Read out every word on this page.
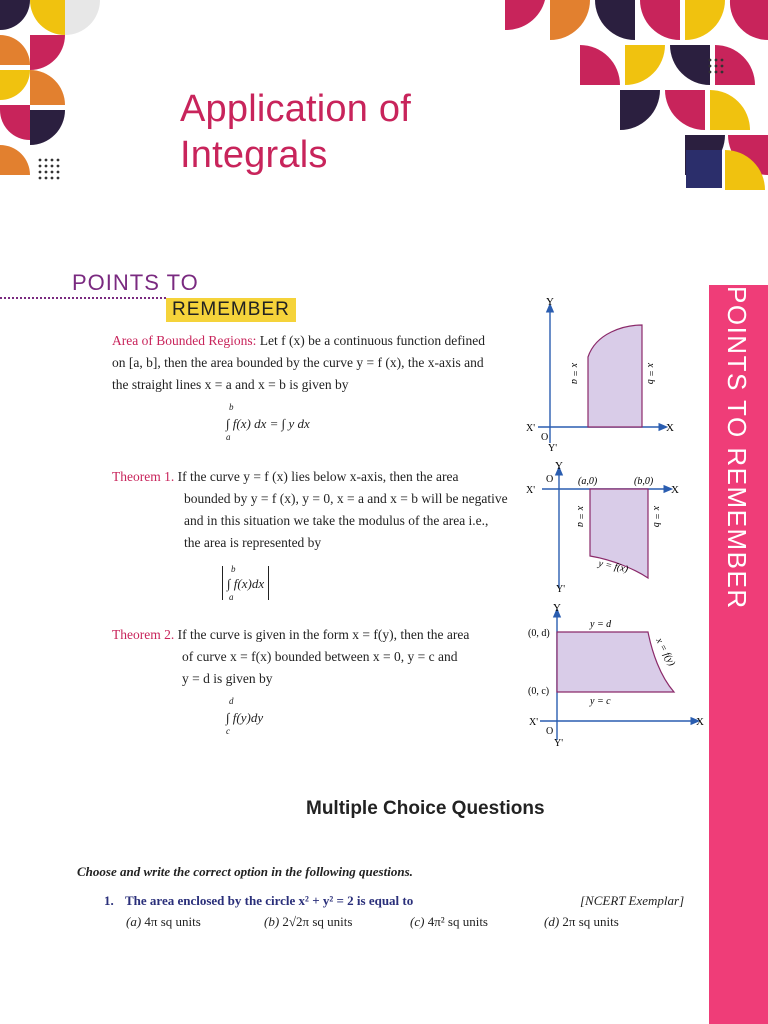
Application of
Integrals
POINTS TO
REMEMBER	POINTS TO REMEMBER
Area of Bounded Regions: Let f (x) be a continuous function defined
on [a, b], then the area bounded by the curve y = f (x), the x-axis and
the straight lines x = a and x = b is given by
b
∫ f(x) dx = ∫ y dx
a
Theorem 1. If the curve y = f (x) lies below x-axis, then the area
bounded by y = f (x), y = 0, x = a and x = b will be negative
and in this situation we take the modulus of the area i.e.,
the area is represented by
b
∫ f(x)dx
a
Theorem 2. If the curve is given in the form x = f(y), then the area
of curve x = f(x) bounded between x = 0, y = c and
y = d is given by
d
∫ f(y)dy
c
Y
X
X'
O
Y'
x = a	x = b
Y
X
X'
O
Y'
(a,0)	(b,0)
x = a	x = b
y = f(x)
Y
X
X'
O
Y'
(0, d)
(0, c)
y = d
y = c
x = f(y)
Multiple Choice Questions
Choose and write the correct option in the following questions.
1. The area enclosed by the circle x² + y² = 2 is equal to	[NCERT Exemplar]
(a) 4π sq units	(b) 2√2π sq units	(c) 4π² sq units	(d) 2π sq units
